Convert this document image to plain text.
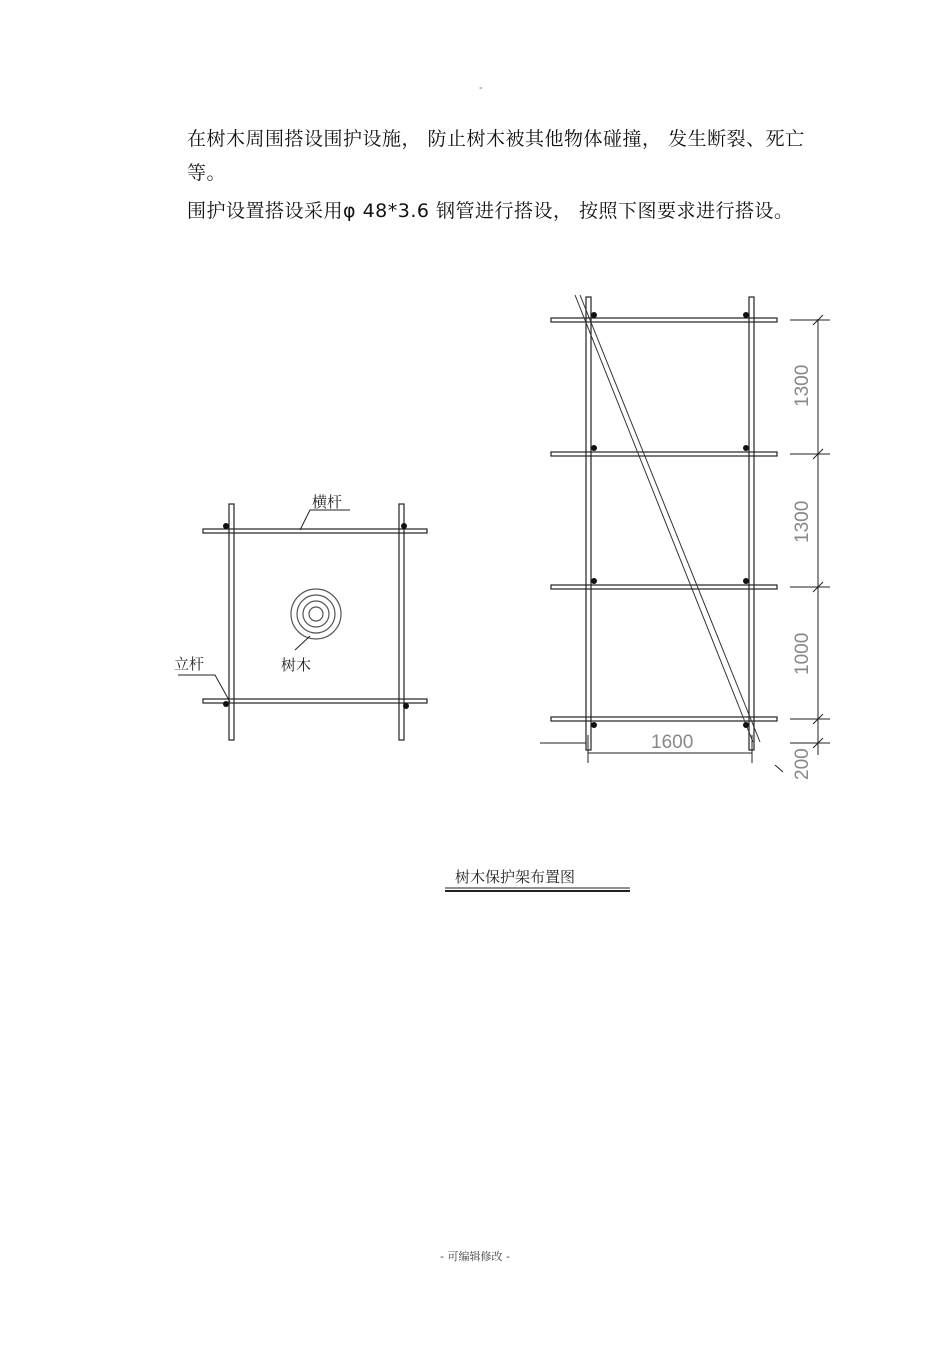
"
在树木周围搭设围护设施， 防止树木被其他物体碰撞， 发生断裂、死亡等。
围护设置搭设采用φ 48*3.6 钢管进行搭设， 按照下图要求进行搭设。
横杆
立杆	树木
1300
1300
1000
200
1600
树木保护架布置图
- 可编辑修改 -
